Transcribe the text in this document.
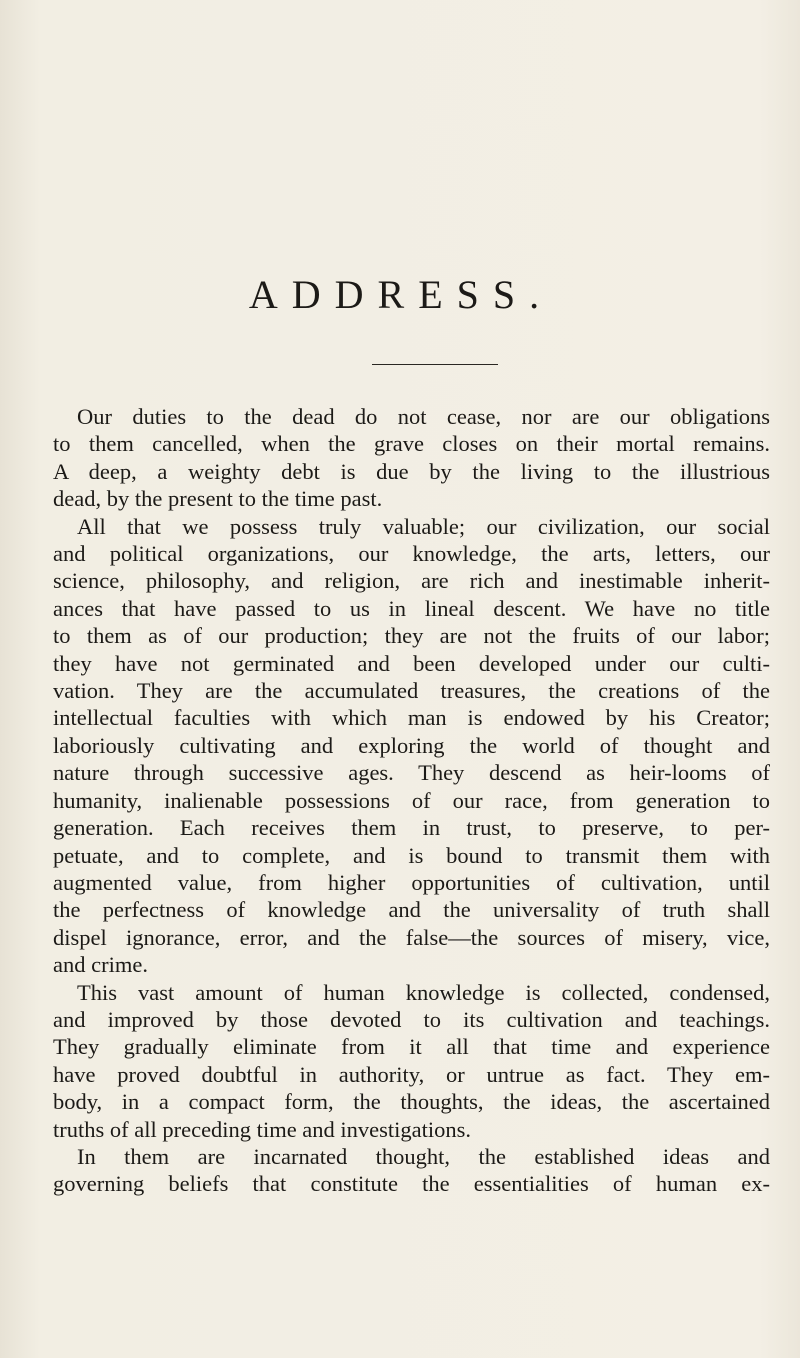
ADDRESS.
Our duties to the dead do not cease, nor are our obligations
to them cancelled, when the grave closes on their mortal remains.
A deep, a weighty debt is due by the living to the illustrious
dead, by the present to the time past.
All that we possess truly valuable; our civilization, our social
and political organizations, our knowledge, the arts, letters, our
science, philosophy, and religion, are rich and inestimable inherit-
ances that have passed to us in lineal descent. We have no title
to them as of our production; they are not the fruits of our labor;
they have not germinated and been developed under our culti-
vation. They are the accumulated treasures, the creations of the
intellectual faculties with which man is endowed by his Creator;
laboriously cultivating and exploring the world of thought and
nature through successive ages. They descend as heir-looms of
humanity, inalienable possessions of our race, from generation to
generation. Each receives them in trust, to preserve, to per-
petuate, and to complete, and is bound to transmit them with
augmented value, from higher opportunities of cultivation, until
the perfectness of knowledge and the universality of truth shall
dispel ignorance, error, and the false—the sources of misery, vice,
and crime.
This vast amount of human knowledge is collected, condensed,
and improved by those devoted to its cultivation and teachings.
They gradually eliminate from it all that time and experience
have proved doubtful in authority, or untrue as fact. They em-
body, in a compact form, the thoughts, the ideas, the ascertained
truths of all preceding time and investigations.
In them are incarnated thought, the established ideas and
governing beliefs that constitute the essentialities of human ex-
